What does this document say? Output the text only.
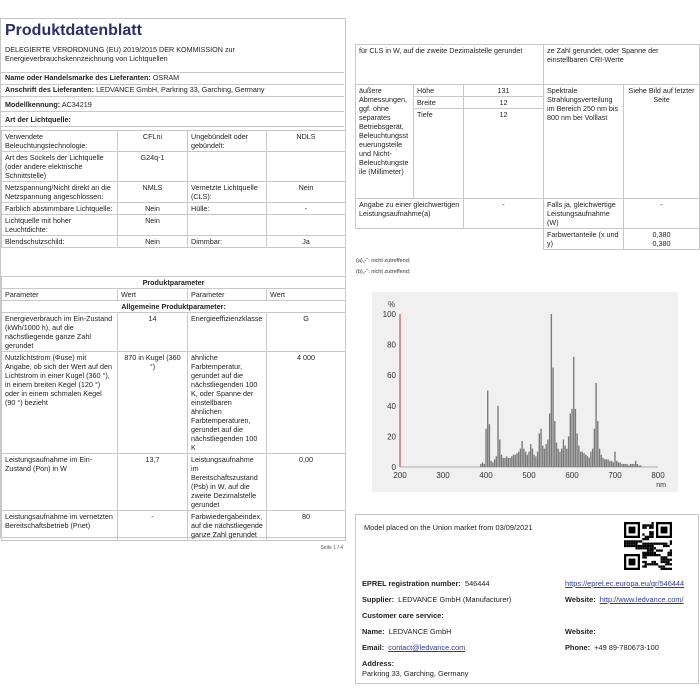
Produktdatenblatt
DELEGIERTE VERORDNUNG (EU) 2019/2015 DER KOMMISSION zur Energieverbrauchskennzeichnung von Lichtquellen
Name oder Handelsmarke des Lieferanten: OSRAM
Anschrift des Lieferanten: LEDVANCE GmbH, Parkring 33, Garching, Germany
Modellkennung: AC34219
Art der Lichtquelle:
Verwendete Beleuchtungstechnologie:	CFLni	Ungebündelt oder gebündelt:	NDLS
Art des Sockels der Lichtquelle (oder andere elektrische Schnittstelle)	G24q-1		
Netzspannung/Nicht direkt an die Netzspannung angeschlossen:	NMLS	Vernetzte Lichtquelle (CLS):	Nein
Farblich abstimmbare Lichtquelle:	Nein	Hülle:	-
Lichtquelle mit hoher Leuchtdichte:	Nein		
Blendschutzschild:	Nein	Dimmbar:	Ja
Produktparameter			
Parameter	Wert	Parameter	Wert
Allgemeine Produktparameter:			
Energieverbrauch im Ein-Zustand (kWh/1000 h), auf die nächstliegende ganze Zahl gerundet	14	Energieeffizienzklasse	G
Nutzlichtstrom (Φuse) mit Angabe, ob sich der Wert auf den Lichtstrom in einer Kugel (360 °), in einem breiten Kegel (120 °) oder in einem schmalen Kegel (90 °) bezieht	870 in Kugel (360 °)	ähnliche Farbtemperatur, gerundet auf die nächstliegenden 100 K, oder Spanne der einstellbaren ähnlichen Farbtemperaturen, gerundet auf die nächstliegenden 100 K	4 000
Leistungsaufnahme im Ein-Zustand (Pon) in W	13,7	Leistungsaufnahme im Bereitschaftszustand (Psb) in W, auf die zweite Dezimalstelle gerundet	0,00
Leistungsaufnahme im vernetzten Bereitschaftsbetrieb (Pnet)	-	Farbwiedergabeindex, auf die nächstliegende ganze Zahl gerundet	80
Seite 1 / 4
für CLS in W, auf die zweite Dezimalstelle gerundet			ze Zahl gerundet, oder Spanne der einstellbaren CRI-Werte	
äußere Abmessungen, ggf. ohne separates Betriebsgerät, Beleuchtungssteuerungsteile und Nicht-Beleuchtungsteile (Millimeter)	Höhe	131	Spektrale Strahlungsverteilung im Bereich 250 nm bis 800 nm bei Volllast	Siehe Bild auf letzter Seite
	Breite	12		
	Tiefe	12		
Angabe zu einer gleichwertigen Leistungsaufnahme(a)		-	Falls ja, gleichwertige Leistungsaufnahme (W)	-
			Farbwertanteile (x und y)	0,380
0,380
(a)„-“: nicht zutreffend;
(b)„-“: nicht zutreffend;
0
20
40
60
80
100
200	300	400	500	600	700	800
%
nm
Model placed on the Union market from 03/09/2021
EPREL registration number: 546444	https://eprel.ec.europa.eu/qr/546444
Supplier: LEDVANCE GmbH (Manufacturer)	Website: http://www.ledvance.com/
Customer care service:
Name: LEDVANCE GmbH	Website:
Email: contact@ledvance.com	Phone: +49 89-780673-100
Address:
Parkring 33, Garching, Germany
